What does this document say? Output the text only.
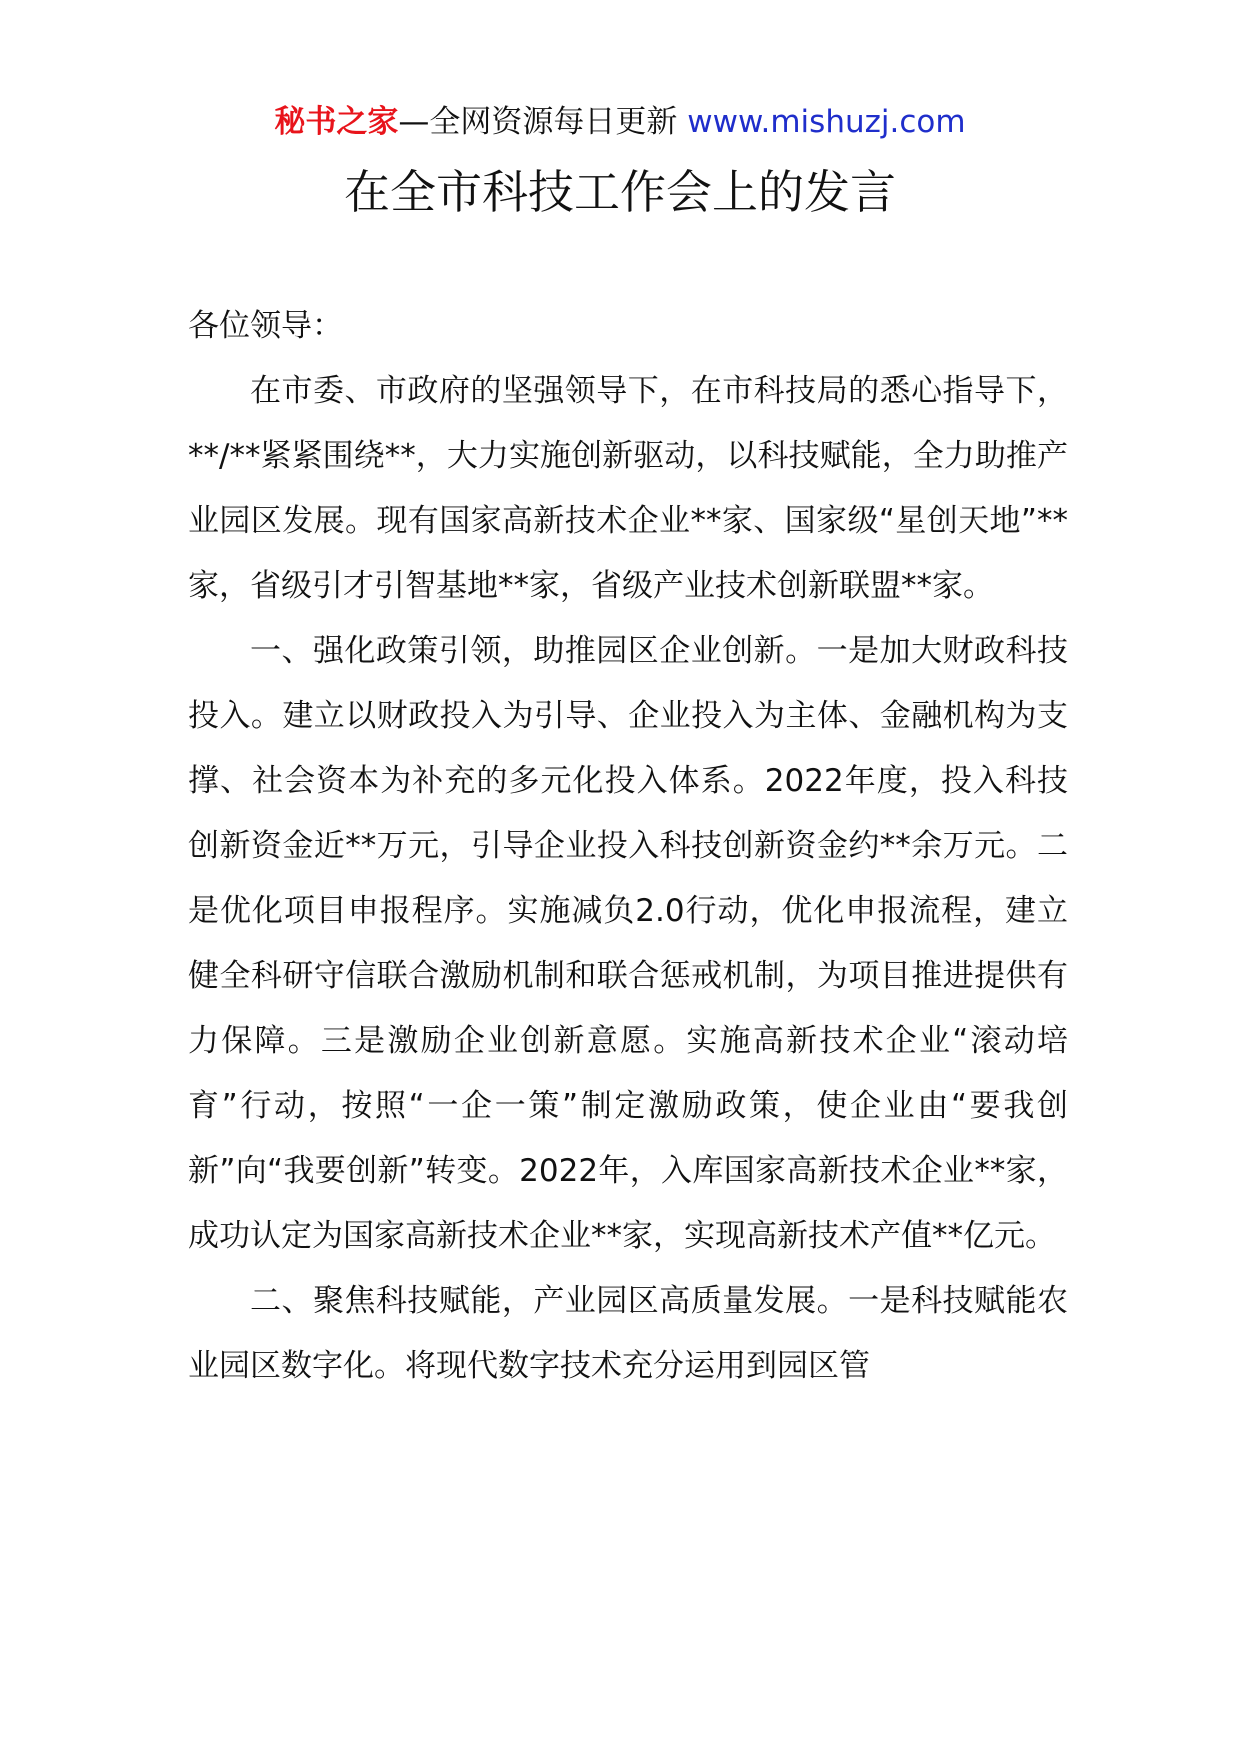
秘书之家—全网资源每日更新 www.mishuzj.com
在全市科技工作会上的发言

各位领导：

在市委、市政府的坚强领导下，在市科技局的悉心指导下，**/**紧紧围绕**，大力实施创新驱动，以科技赋能，全力助推产业园区发展。现有国家高新技术企业**家、国家级“星创天地”**家，省级引才引智基地**家，省级产业技术创新联盟**家。

一、强化政策引领，助推园区企业创新。一是加大财政科技投入。建立以财政投入为引导、企业投入为主体、金融机构为支撑、社会资本为补充的多元化投入体系。2022年度，投入科技创新资金近**万元，引导企业投入科技创新资金约**余万元。二是优化项目申报程序。实施减负2.0行动，优化申报流程，建立健全科研守信联合激励机制和联合惩戒机制，为项目推进提供有力保障。三是激励企业创新意愿。实施高新技术企业“滚动培育”行动，按照“一企一策”制定激励政策，使企业由“要我创新”向“我要创新”转变。2022年，入库国家高新技术企业**家，成功认定为国家高新技术企业**家，实现高新技术产值**亿元。

二、聚焦科技赋能，产业园区高质量发展。一是科技赋能农业园区数字化。将现代数字技术充分运用到园区管
